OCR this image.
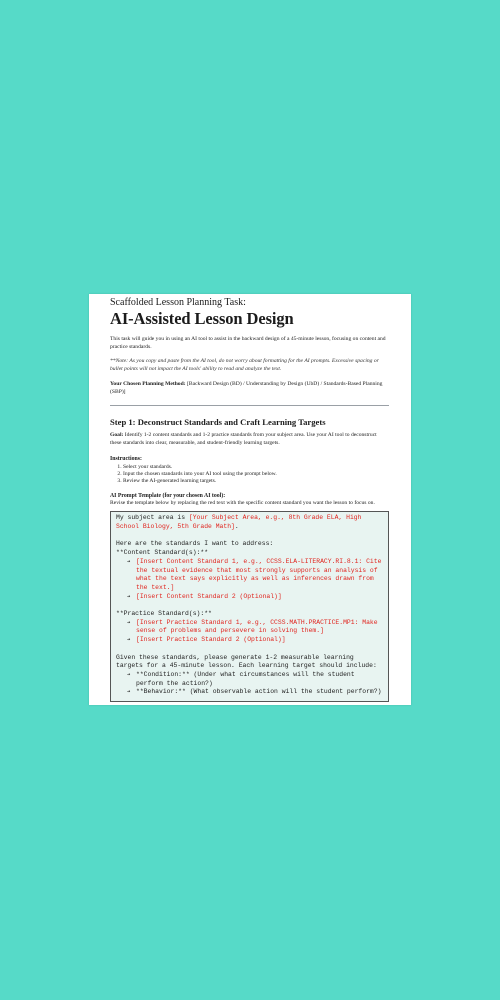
Scaffolded Lesson Planning Task:

AI-Assisted Lesson Design

This task will guide you in using an AI tool to assist in the backward design of a 45-minute lesson, focusing on content and practice standards.

**Note: As you copy and paste from the AI tool, do not worry about formatting for the AI prompts. Excessive spacing or bullet points will not impact the AI tools' ability to read and analyze the text.

Your Chosen Planning Method: [Backward Design (BD) / Understanding by Design (UbD) / Standards-Based Planning (SBP)]

Step 1: Deconstruct Standards and Craft Learning Targets

Goal: Identify 1-2 content standards and 1-2 practice standards from your subject area. Use your AI tool to deconstruct these standards into clear, measurable, and student-friendly learning targets.

Instructions:
1. Select your standards.
2. Input the chosen standards into your AI tool using the prompt below.
3. Review the AI-generated learning targets.
AI Prompt Template (for your chosen AI tool):

Revise the template below by replacing the red text with the specific content standard you want the lesson to focus on.

My subject area is [Your Subject Area, e.g., 8th Grade ELA, High School Biology, 5th Grade Math].
Here are the standards I want to address:
**Content Standard(s):**
➔ [Insert Content Standard 1, e.g., CCSS.ELA-LITERACY.RI.8.1: Cite the textual evidence that most strongly supports an analysis of what the text says explicitly as well as inferences drawn from the text.]
➔ [Insert Content Standard 2 (Optional)]
**Practice Standard(s):**
➔ [Insert Practice Standard 1, e.g., CCSS.MATH.PRACTICE.MP1: Make sense of problems and persevere in solving them.]
➔ [Insert Practice Standard 2 (Optional)]
Given these standards, please generate 1-2 measurable learning targets for a 45-minute lesson. Each learning target should include:
➔ **Condition:** (Under what circumstances will the student perform the action?)
➔ **Behavior:** (What observable action will the student perform?)
